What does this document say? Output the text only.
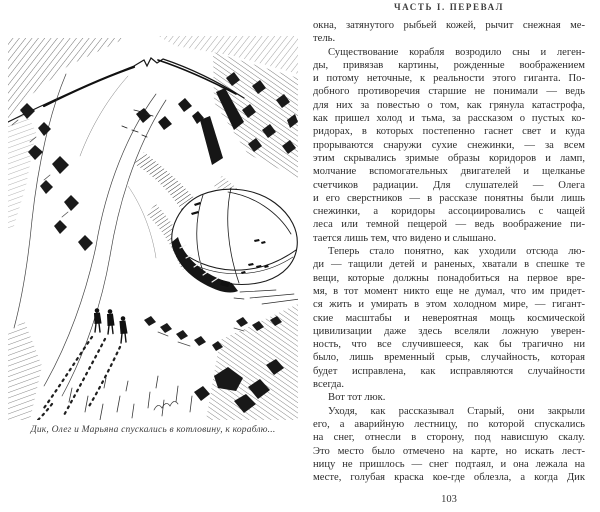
Дик, Олег и Марьяна спускались в котловину, к кораблю...
ЧАСТЬ I. ПЕРЕВАЛ
окна, затянутого рыбьей кожей, рычит снежная ме-
тель.
Существование корабля возродило сны и леген-
ды, привязав картины, рожденные воображением
и потому неточные, к реальности этого гиганта. По-
добного противоречия старшие не понимали — ведь
для них за повестью о том, как грянула катастрофа,
как пришел холод и тьма, за рассказом о пустых ко-
ридорах, в которых постепенно гаснет свет и куда
прорываются снаружи сухие снежинки, — за всем
этим скрывались зримые образы коридоров и ламп,
молчание вспомогательных двигателей и щелканье
счетчиков радиации. Для слушателей — Олега
и его сверстников — в рассказе понятны были лишь
снежинки, а коридоры ассоциировались с чащей
леса или темной пещерой — ведь воображение пи-
тается лишь тем, что видено и слышано.
Теперь стало понятно, как уходили отсюда лю-
ди — тащили детей и раненых, хватали в спешке те
вещи, которые должны понадобиться на первое вре-
мя, в тот момент никто еще не думал, что им придет-
ся жить и умирать в этом холодном мире, — гигант-
ские масштабы и невероятная мощь космической
цивилизации даже здесь вселяли ложную уверен-
ность, что все случившееся, как бы трагично ни
было, лишь временный срыв, случайность, которая
будет исправлена, как исправляются случайности
всегда.
Вот тот люк.
Уходя, как рассказывал Старый, они закрыли
его, а аварийную лестницу, по которой спускались
на снег, отнесли в сторону, под нависшую скалу.
Это место было отмечено на карте, но искать лест-
ницу не пришлось — снег подтаял, и она лежала на
месте, голубая краска кое-где облезла, а когда Дик
103
